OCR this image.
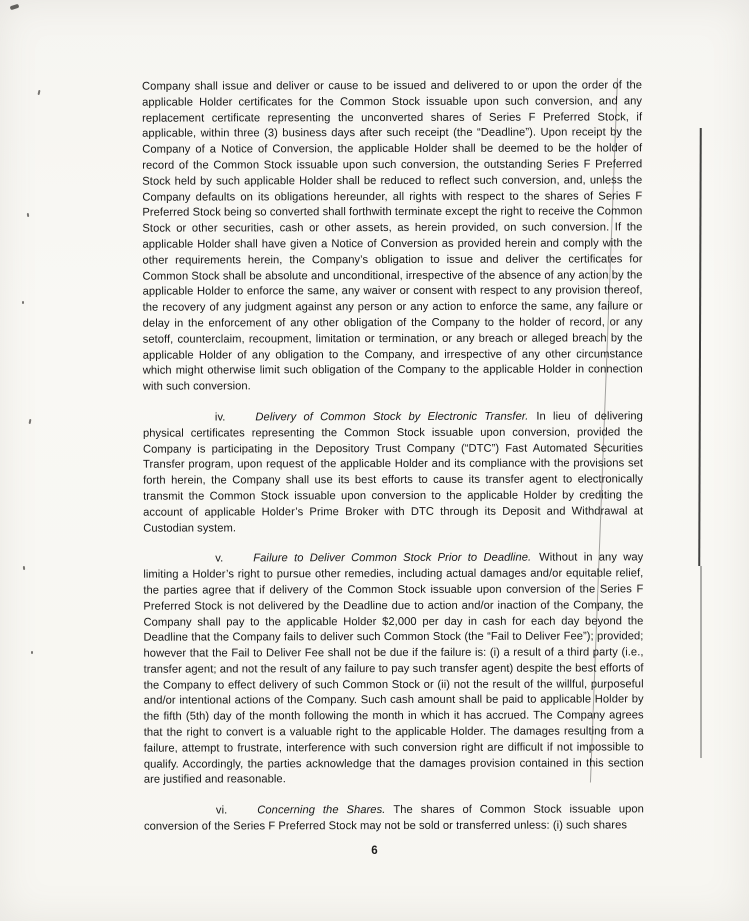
Company shall issue and deliver or cause to be issued and delivered to or upon the order of the applicable Holder certificates for the Common Stock issuable upon such conversion, and any replacement certificate representing the unconverted shares of Series F Preferred Stock, if applicable, within three (3) business days after such receipt (the “Deadline”). Upon receipt by the Company of a Notice of Conversion, the applicable Holder shall be deemed to be the holder of record of the Common Stock issuable upon such conversion, the outstanding Series F Preferred Stock held by such applicable Holder shall be reduced to reflect such conversion, and, unless the Company defaults on its obligations hereunder, all rights with respect to the shares of Series F Preferred Stock being so converted shall forthwith terminate except the right to receive the Common Stock or other securities, cash or other assets, as herein provided, on such conversion. If the applicable Holder shall have given a Notice of Conversion as provided herein and comply with the other requirements herein, the Company’s obligation to issue and deliver the certificates for Common Stock shall be absolute and unconditional, irrespective of the absence of any action by the applicable Holder to enforce the same, any waiver or consent with respect to any provision thereof, the recovery of any judgment against any person or any action to enforce the same, any failure or delay in the enforcement of any other obligation of the Company to the holder of record, or any setoff, counterclaim, recoupment, limitation or termination, or any breach or alleged breach by the applicable Holder of any obligation to the Company, and irrespective of any other circumstance which might otherwise limit such obligation of the Company to the applicable Holder in connection with such conversion.

iv.	Delivery of Common Stock by Electronic Transfer. In lieu of delivering physical certificates representing the Common Stock issuable upon conversion, provided the Company is participating in the Depository Trust Company (“DTC”) Fast Automated Securities Transfer program, upon request of the applicable Holder and its compliance with the provisions set forth herein, the Company shall use its best efforts to cause its transfer agent to electronically transmit the Common Stock issuable upon conversion to the applicable Holder by crediting the account of applicable Holder’s Prime Broker with DTC through its Deposit and Withdrawal at Custodian system.

v.	Failure to Deliver Common Stock Prior to Deadline. Without in any way limiting a Holder’s right to pursue other remedies, including actual damages and/or equitable relief, the parties agree that if delivery of the Common Stock issuable upon conversion of the Series F Preferred Stock is not delivered by the Deadline due to action and/or inaction of the Company, the Company shall pay to the applicable Holder $2,000 per day in cash for each day beyond the Deadline that the Company fails to deliver such Common Stock (the “Fail to Deliver Fee”); provided; however that the Fail to Deliver Fee shall not be due if the failure is: (i) a result of a third party (i.e., transfer agent; and not the result of any failure to pay such transfer agent) despite the best efforts of the Company to effect delivery of such Common Stock or (ii) not the result of the willful, purposeful and/or intentional actions of the Company. Such cash amount shall be paid to applicable Holder by the fifth (5th) day of the month following the month in which it has accrued. The Company agrees that the right to convert is a valuable right to the applicable Holder. The damages resulting from a failure, attempt to frustrate, interference with such conversion right are difficult if not impossible to qualify. Accordingly, the parties acknowledge that the damages provision contained in this section are justified and reasonable.

vi.	Concerning the Shares. The shares of Common Stock issuable upon conversion of the Series F Preferred Stock may not be sold or transferred unless: (i) such shares

6
